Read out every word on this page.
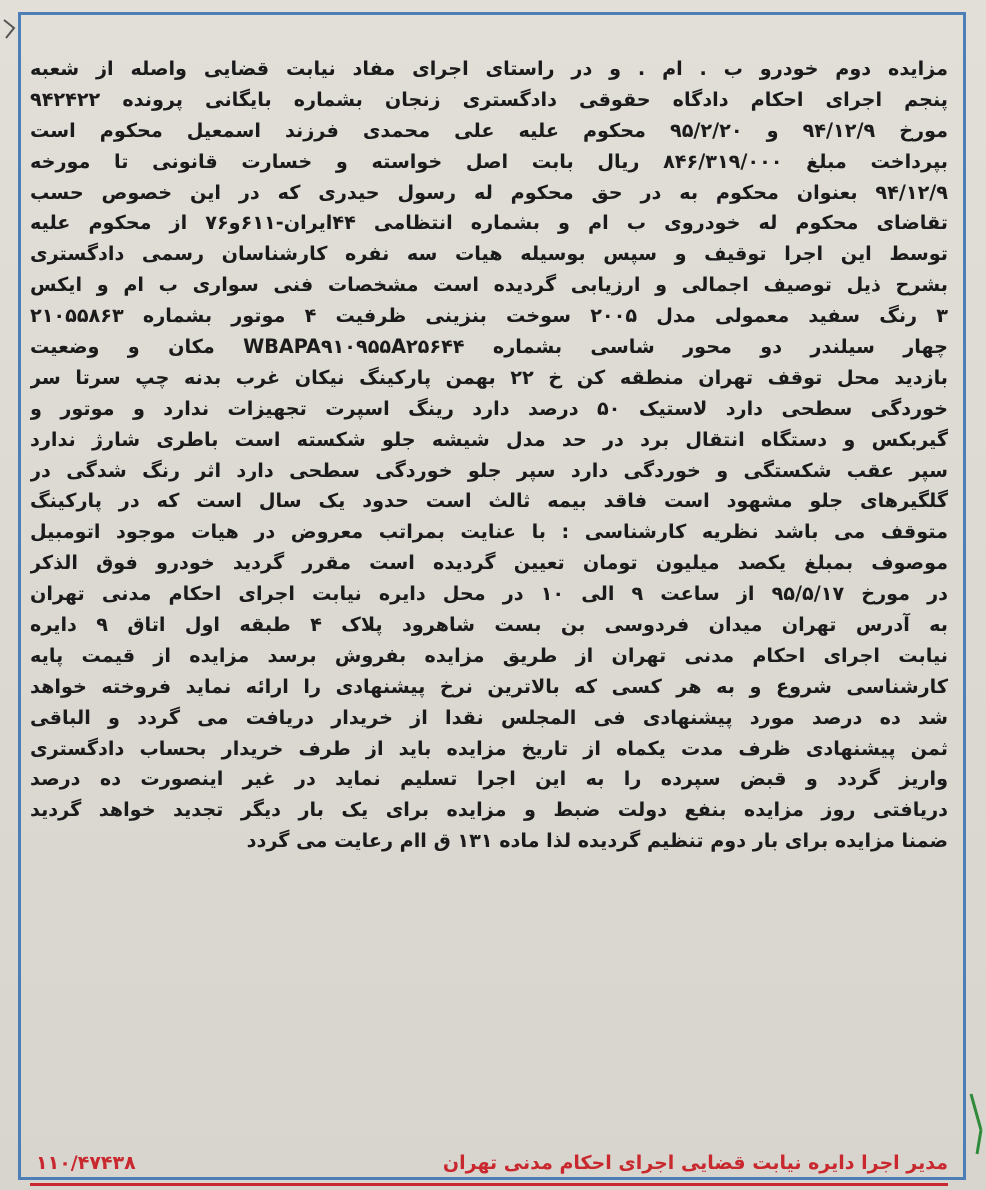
مزایده دوم خودرو ب . ام . و در راستای اجرای مفاد نیابت قضایی واصله از شعبه
پنجم اجرای احکام دادگاه حقوقی دادگستری زنجان بشماره بایگانی پرونده ۹۴۲۴۲۲
مورخ ۹۴/۱۲/۹ و ۹۵/۲/۲۰ محکوم علیه علی محمدی فرزند اسمعیل محکوم است
بپرداخت مبلغ ۸۴۶/۳۱۹/۰۰۰ ریال بابت اصل خواسته و خسارت قانونی تا مورخه
۹۴/۱۲/۹ بعنوان محکوم به در حق محکوم له رسول حیدری که در این خصوص حسب
تقاضای محکوم له خودروی ب ام و بشماره انتظامی ۴۴ایران-۶۱۱و۷۶ از محکوم علیه
توسط این اجرا توقیف و سپس بوسیله هیات سه نفره کارشناسان رسمی دادگستری
بشرح ذیل توصیف اجمالی و ارزیابی گردیده است مشخصات فنی سواری ب ام و ایکس
۳ رنگ سفید معمولی مدل ۲۰۰۵ سوخت بنزینی ظرفیت ۴ موتور بشماره ۲۱۰۵۵۸۶۳
چهار سیلندر دو محور شاسی بشماره WBAPA۹۱۰۹۵۵A۲۵۶۴۴ مکان و وضعیت
بازدید محل توقف تهران منطقه کن خ ۲۲ بهمن پارکینگ نیکان غرب بدنه چپ سرتا سر
خوردگی سطحی دارد لاستیک ۵۰ درصد دارد رینگ اسپرت تجهیزات ندارد و موتور و
گیربکس و دستگاه انتقال برد در حد مدل شیشه جلو شکسته است باطری شارژ ندارد
سپر عقب شکستگی و خوردگی دارد سپر جلو خوردگی سطحی دارد اثر رنگ شدگی در
گلگیرهای جلو مشهود است فاقد بیمه ثالث است حدود یک سال است که در پارکینگ
متوقف می باشد نظریه کارشناسی : با عنایت بمراتب معروض در هیات موجود اتومبیل
موصوف بمبلغ یکصد میلیون تومان تعیین گردیده است مقرر گردید خودرو فوق الذکر
در مورخ ۹۵/۵/۱۷ از ساعت ۹ الی ۱۰ در محل دایره نیابت اجرای احکام مدنی تهران
به آدرس تهران میدان فردوسی بن بست شاهرود پلاک ۴ طبقه اول اتاق ۹ دایره
نیابت اجرای احکام مدنی تهران از طریق مزایده بفروش برسد مزایده از قیمت پایه
کارشناسی شروع و به هر کسی که بالاترین نرخ پیشنهادی را ارائه نماید فروخته خواهد
شد ده درصد مورد پیشنهادی فی المجلس نقدا از خریدار دریافت می گردد و الباقی
ثمن پیشنهادی ظرف مدت یکماه از تاریخ مزایده باید از طرف خریدار بحساب دادگستری
واریز گردد و قبض سپرده را به این اجرا تسلیم نماید در غیر اینصورت ده درصد
دریافتی روز مزایده بنفع دولت ضبط و مزایده برای یک بار دیگر تجدید خواهد گردید
ضمنا مزایده برای بار دوم تنظیم گردیده لذا ماده ۱۳۱ ق اام رعایت می گردد
مدیر اجرا دایره نیابت قضایی اجرای احکام مدنی تهران
۱۱۰/۴۷۴۳۸
